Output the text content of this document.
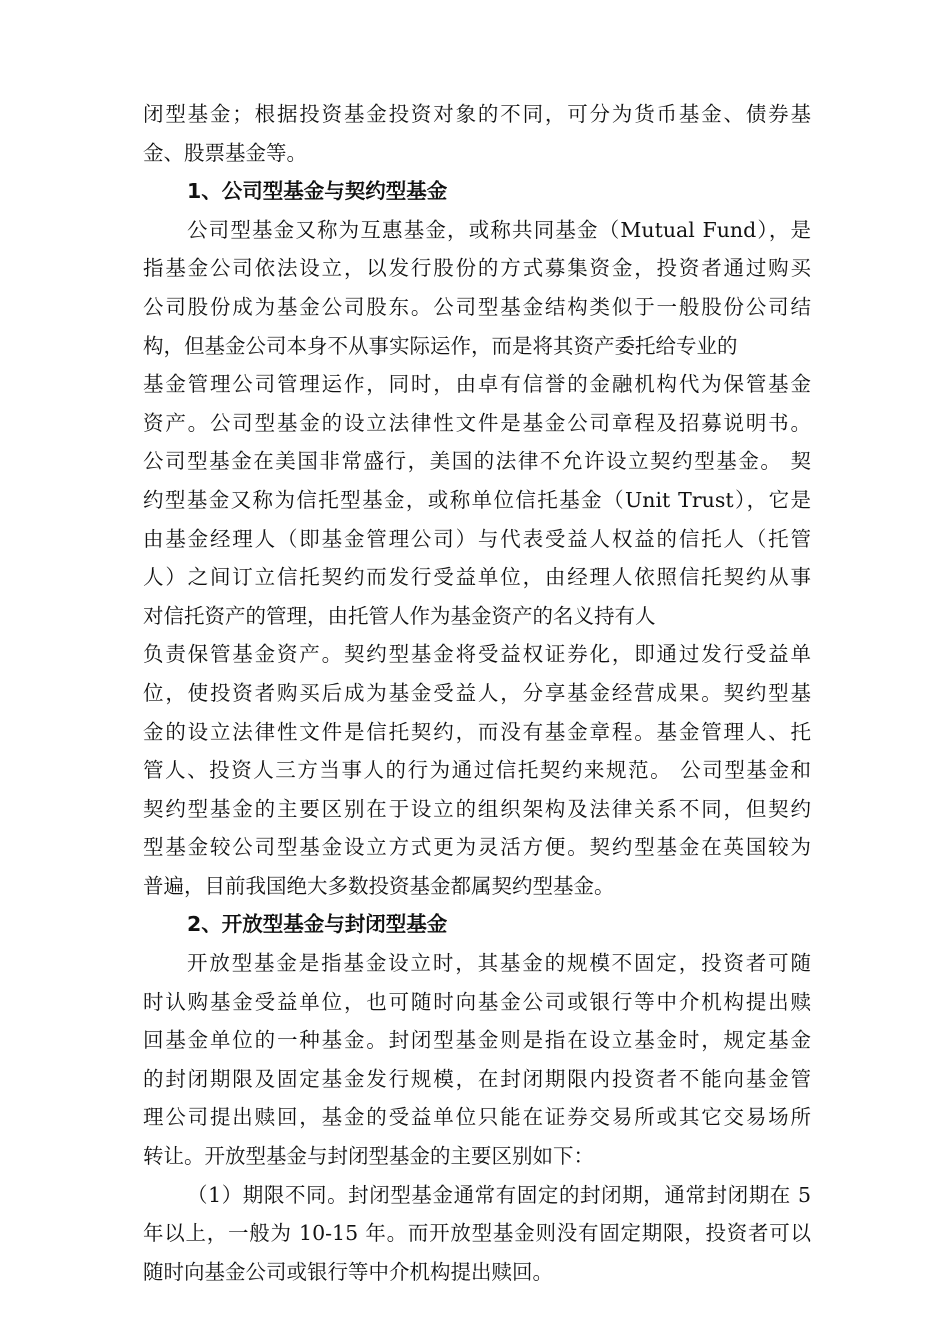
闭型基金；根据投资基金投资对象的不同，可分为货币基金、债券基
金、股票基金等。
1、公司型基金与契约型基金
公司型基金又称为互惠基金，或称共同基金（Mutual Fund），是
指基金公司依法设立，以发行股份的方式募集资金，投资者通过购买
公司股份成为基金公司股东。公司型基金结构类似于一般股份公司结
构，但基金公司本身不从事实际运作，而是将其资产委托给专业的
基金管理公司管理运作，同时，由卓有信誉的金融机构代为保管基金
资产。公司型基金的设立法律性文件是基金公司章程及招募说明书。
公司型基金在美国非常盛行，美国的法律不允许设立契约型基金。 契
约型基金又称为信托型基金，或称单位信托基金（Unit Trust），它是
由基金经理人（即基金管理公司）与代表受益人权益的信托人（托管
人）之间订立信托契约而发行受益单位，由经理人依照信托契约从事
对信托资产的管理，由托管人作为基金资产的名义持有人
负责保管基金资产。契约型基金将受益权证券化，即通过发行受益单
位，使投资者购买后成为基金受益人，分享基金经营成果。契约型基
金的设立法律性文件是信托契约，而没有基金章程。基金管理人、托
管人、投资人三方当事人的行为通过信托契约来规范。 公司型基金和
契约型基金的主要区别在于设立的组织架构及法律关系不同，但契约
型基金较公司型基金设立方式更为灵活方便。契约型基金在英国较为
普遍，目前我国绝大多数投资基金都属契约型基金。
2、开放型基金与封闭型基金
开放型基金是指基金设立时，其基金的规模不固定，投资者可随
时认购基金受益单位，也可随时向基金公司或银行等中介机构提出赎
回基金单位的一种基金。封闭型基金则是指在设立基金时，规定基金
的封闭期限及固定基金发行规模，在封闭期限内投资者不能向基金管
理公司提出赎回，基金的受益单位只能在证券交易所或其它交易场所
转让。开放型基金与封闭型基金的主要区别如下：
（1）期限不同。封闭型基金通常有固定的封闭期，通常封闭期在 5
年以上，一般为 10-15 年。而开放型基金则没有固定期限，投资者可以
随时向基金公司或银行等中介机构提出赎回。
